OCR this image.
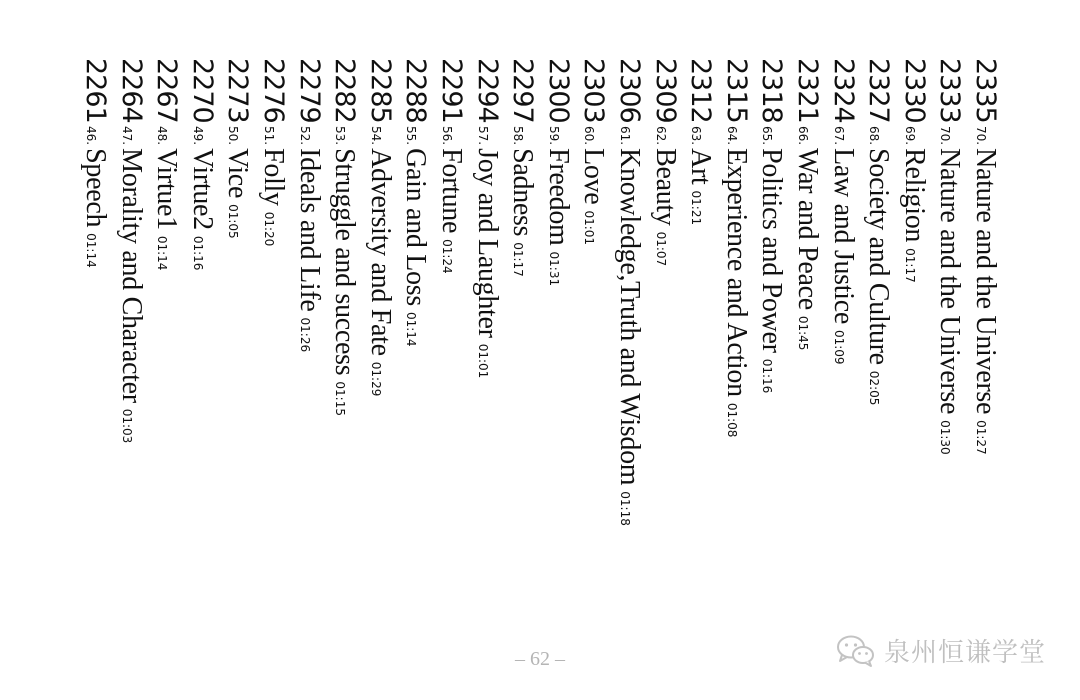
2261
46.
Speech
01:14
2264
47.
Morality and Character
01:03
2267
48.
Virtue1
01:14
2270
49.
Virtue2
01:16
2273
50.
Vice
01:05
2276
51.
Folly
01:20
2279
52.
Ideals and Life
01:26
2282
53.
Struggle and success
01:15
2285
54.
Adversity and Fate
01:29
2288
55.
Gain and Loss
01:14
2291
56.
Fortune
01:24
2294
57.
Joy and Laughter
01:01
2297
58.
Sadness
01:17
2300
59.
Freedom
01:31
2303
60.
Love
01:01
2306
61.
Knowledge,Truth and Wisdom
01:18
2309
62.
Beauty
01:07
2312
63.
Art
01:21
2315
64.
Experience and Action
01:08
2318
65.
Politics and Power
01:16
2321
66.
War and Peace
01:45
2324
67.
Law and Justice
01:09
2327
68.
Society and Culture
02:05
2330
69.
Religion
01:17
2333
70.
Nature and the Universe
01:30
2335
70.
Nature and the Universe
01:27
– 62 –	泉州恒谦学堂
